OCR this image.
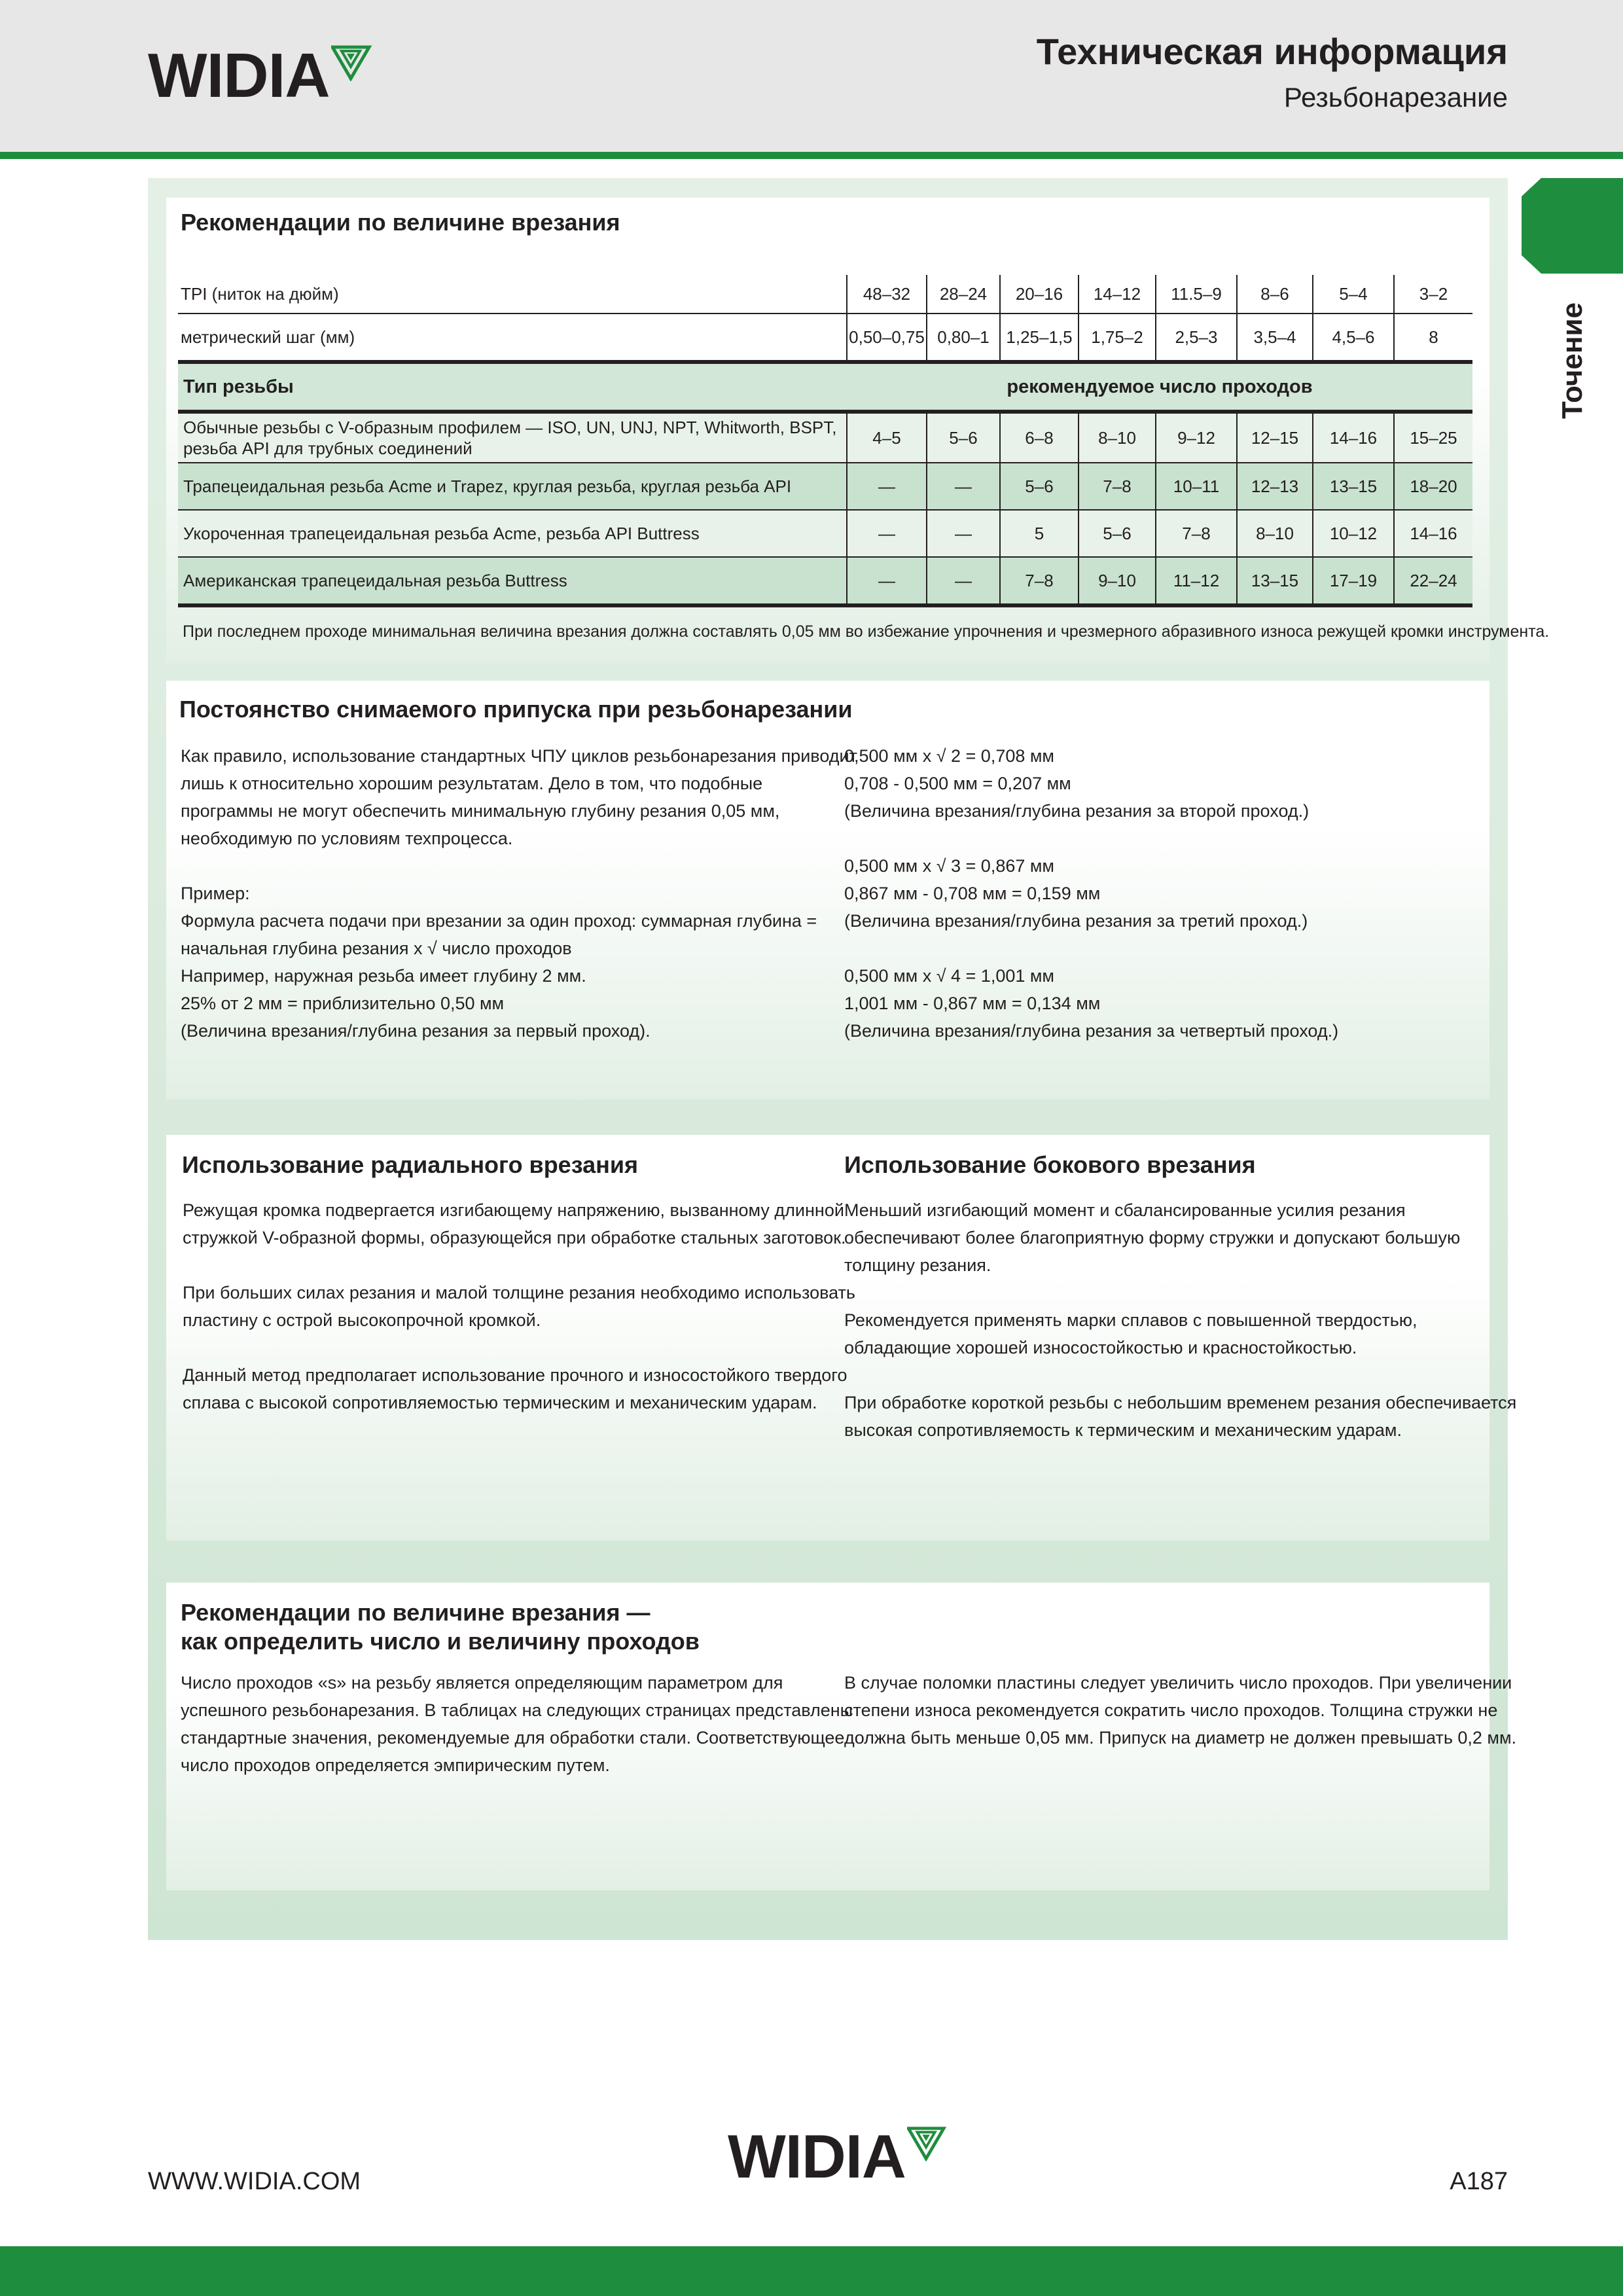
WIDIA	Техническая информация
Резьбонарезание
Точение
Рекомендации по величине врезания
TPI (ниток на дюйм)	48–32	28–24	20–16	14–12	11.5–9	8–6	5–4	3–2
метрический шаг (мм)	0,50–0,75	0,80–1	1,25–1,5	1,75–2	2,5–3	3,5–4	4,5–6	8
Тип резьбы	рекомендуемое число проходов							
Обычные резьбы с V-образным профилем — ISO, UN, UNJ, NPT, Whitworth, BSPT,
резьба API для трубных соединений	4–5	5–6	6–8	8–10	9–12	12–15	14–16	15–25
Трапецеидальная резьба Acme и Trapez, круглая резьба, круглая резьба API	—	—	5–6	7–8	10–11	12–13	13–15	18–20
Укороченная трапецеидальная резьба Acme, резьба API Buttress	—	—	5	5–6	7–8	8–10	10–12	14–16
Американская трапецеидальная резьба Buttress	—	—	7–8	9–10	11–12	13–15	17–19	22–24
При последнем проходе минимальная величина врезания должна составлять 0,05 мм во избежание упрочнения и чрезмерного абразивного износа режущей кромки инструмента.
Постоянство снимаемого припуска при резьбонарезании
Как правило, использование стандартных ЧПУ циклов резьбонарезания приводит
лишь к относительно хорошим результатам. Дело в том, что подобные
программы не могут обеспечить минимальную глубину резания 0,05 мм,
необходимую по условиям техпроцесса.

Пример:
Формула расчета подачи при врезании за один проход: суммарная глубина =
начальная глубина резания x √ число проходов
Например, наружная резьба имеет глубину 2 мм.
25% от 2 мм = приблизительно 0,50 мм
(Величина врезания/глубина резания за первый проход).
0,500 мм x √ 2 = 0,708 мм
0,708 - 0,500 мм = 0,207 мм
(Величина врезания/глубина резания за второй проход.)

0,500 мм x √ 3 = 0,867 мм
0,867 мм - 0,708 мм = 0,159 мм
(Величина врезания/глубина резания за третий проход.)

0,500 мм x √ 4 = 1,001 мм
1,001 мм - 0,867 мм = 0,134 мм
(Величина врезания/глубина резания за четвертый проход.)
Использование радиального врезания
Режущая кромка подвергается изгибающему напряжению, вызванному длинной
стружкой V-образной формы, образующейся при обработке стальных заготовок.

При больших силах резания и малой толщине резания необходимо использовать
пластину с острой высокопрочной кромкой.

Данный метод предполагает использование прочного и износостойкого твердого
сплава с высокой сопротивляемостью термическим и механическим ударам.
Использование бокового врезания
Меньший изгибающий момент и сбалансированные усилия резания
обеспечивают более благоприятную форму стружки и допускают большую
толщину резания.

Рекомендуется применять марки сплавов с повышенной твердостью,
обладающие хорошей износостойкостью и красностойкостью.

При обработке короткой резьбы с небольшим временем резания обеспечивается
высокая сопротивляемость к термическим и механическим ударам.
Рекомендации по величине врезания —
как определить число и величину проходов
Число проходов «s» на резьбу является определяющим параметром для
успешного резьбонарезания. В таблицах на следующих страницах представлены
стандартные значения, рекомендуемые для обработки стали. Соответствующее
число проходов определяется эмпирическим путем.
В случае поломки пластины следует увеличить число проходов. При увеличении
степени износа рекомендуется сократить число проходов. Толщина стружки не
должна быть меньше 0,05 мм. Припуск на диаметр не должен превышать 0,2 мм.
WWW.WIDIA.COM	WIDIA	A187
